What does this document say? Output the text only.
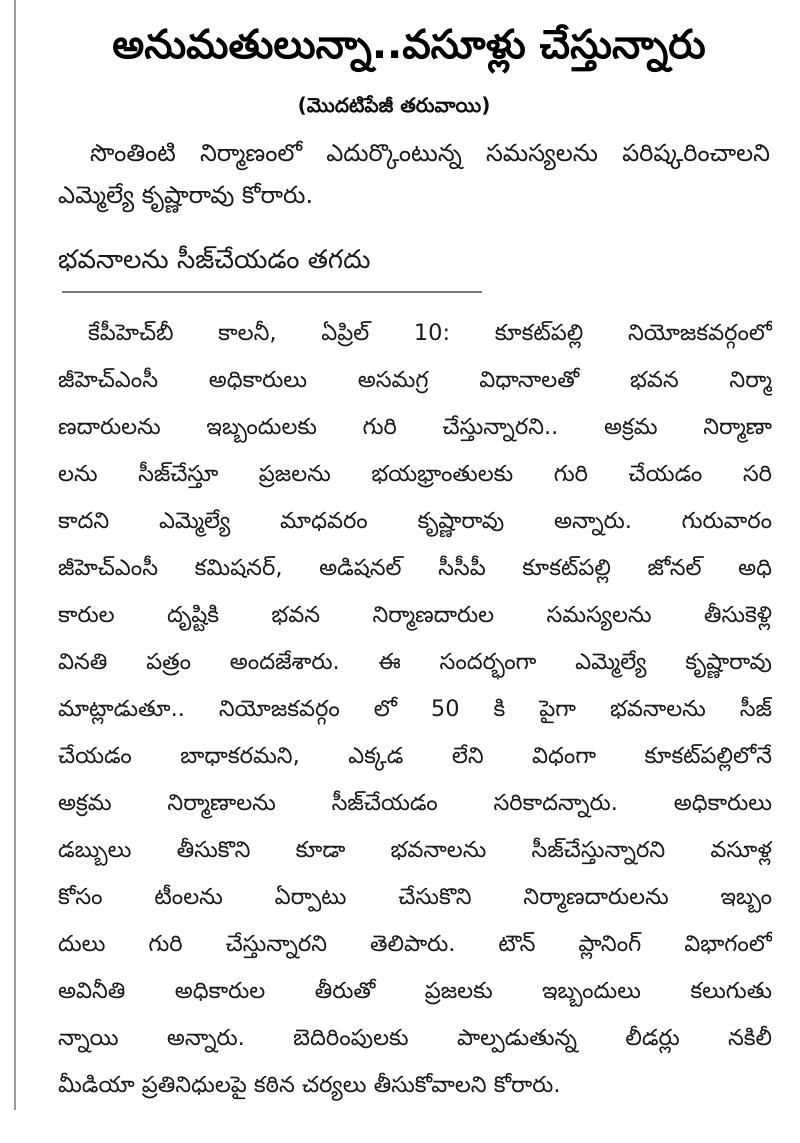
అనుమతులున్నా..వసూళ్లు చేస్తున్నారు
(మొదటిపేజీ తరువాయి)

సొంతింటి నిర్మాణంలో ఎదుర్కొంటున్న సమస్యలను పరిష్కరించాలని ఎమ్మెల్యే కృష్ణారావు కోరారు.

భవనాలను సీజ్‌చేయడం తగదు
కేపీహెచ్‌బీ కాలనీ, ఏప్రిల్‌ 10: కూకట్‌పల్లి నియోజకవర్గంలో
జీహెచ్‌ఎంసీ అధికారులు అసమగ్ర విధానాలతో భవన నిర్మా
ణదారులను ఇబ్బందులకు గురి చేస్తున్నారని.. అక్రమ నిర్మాణా
లను సీజ్‌చేస్తూ ప్రజలను భయభ్రాంతులకు గురి చేయడం సరి
కాదని ఎమ్మెల్యే మాధవరం కృష్ణారావు అన్నారు. గురువారం
జీహెచ్‌ఎంసీ కమిషనర్‌, అడిషనల్‌ సీసీపీ కూకట్‌పల్లి జోనల్‌ అధి
కారుల దృష్టికి భవన నిర్మాణదారుల సమస్యలను తీసుకెళ్లి
వినతి పత్రం అందజేశారు. ఈ సందర్భంగా ఎమ్మెల్యే కృష్ణారావు
మాట్లాడుతూ.. నియోజకవర్గం లో 50 కి పైగా భవనాలను సీజ్‌
చేయడం బాధాకరమని, ఎక్కడ లేని విధంగా కూకట్‌పల్లిలోనే
అక్రమ నిర్మాణాలను సీజ్‌చేయడం సరికాదన్నారు. అధికారులు
డబ్బులు తీసుకొని కూడా భవనాలను సీజ్‌చేస్తున్నారని వసూళ్ల
కోసం టీంలను ఏర్పాటు చేసుకొని నిర్మాణదారులను ఇబ్బం
దులు గురి చేస్తున్నారని తెలిపారు. టౌన్‌ ప్లానింగ్‌ విభాగంలో
అవినీతి అధికారుల తీరుతో ప్రజలకు ఇబ్బందులు కలుగుతు
న్నాయి అన్నారు. బెదిరింపులకు పాల్పడుతున్న లీడర్లు నకిలీ
మీడియా ప్రతినిధులపై కఠిన చర్యలు తీసుకోవాలని కోరారు.
